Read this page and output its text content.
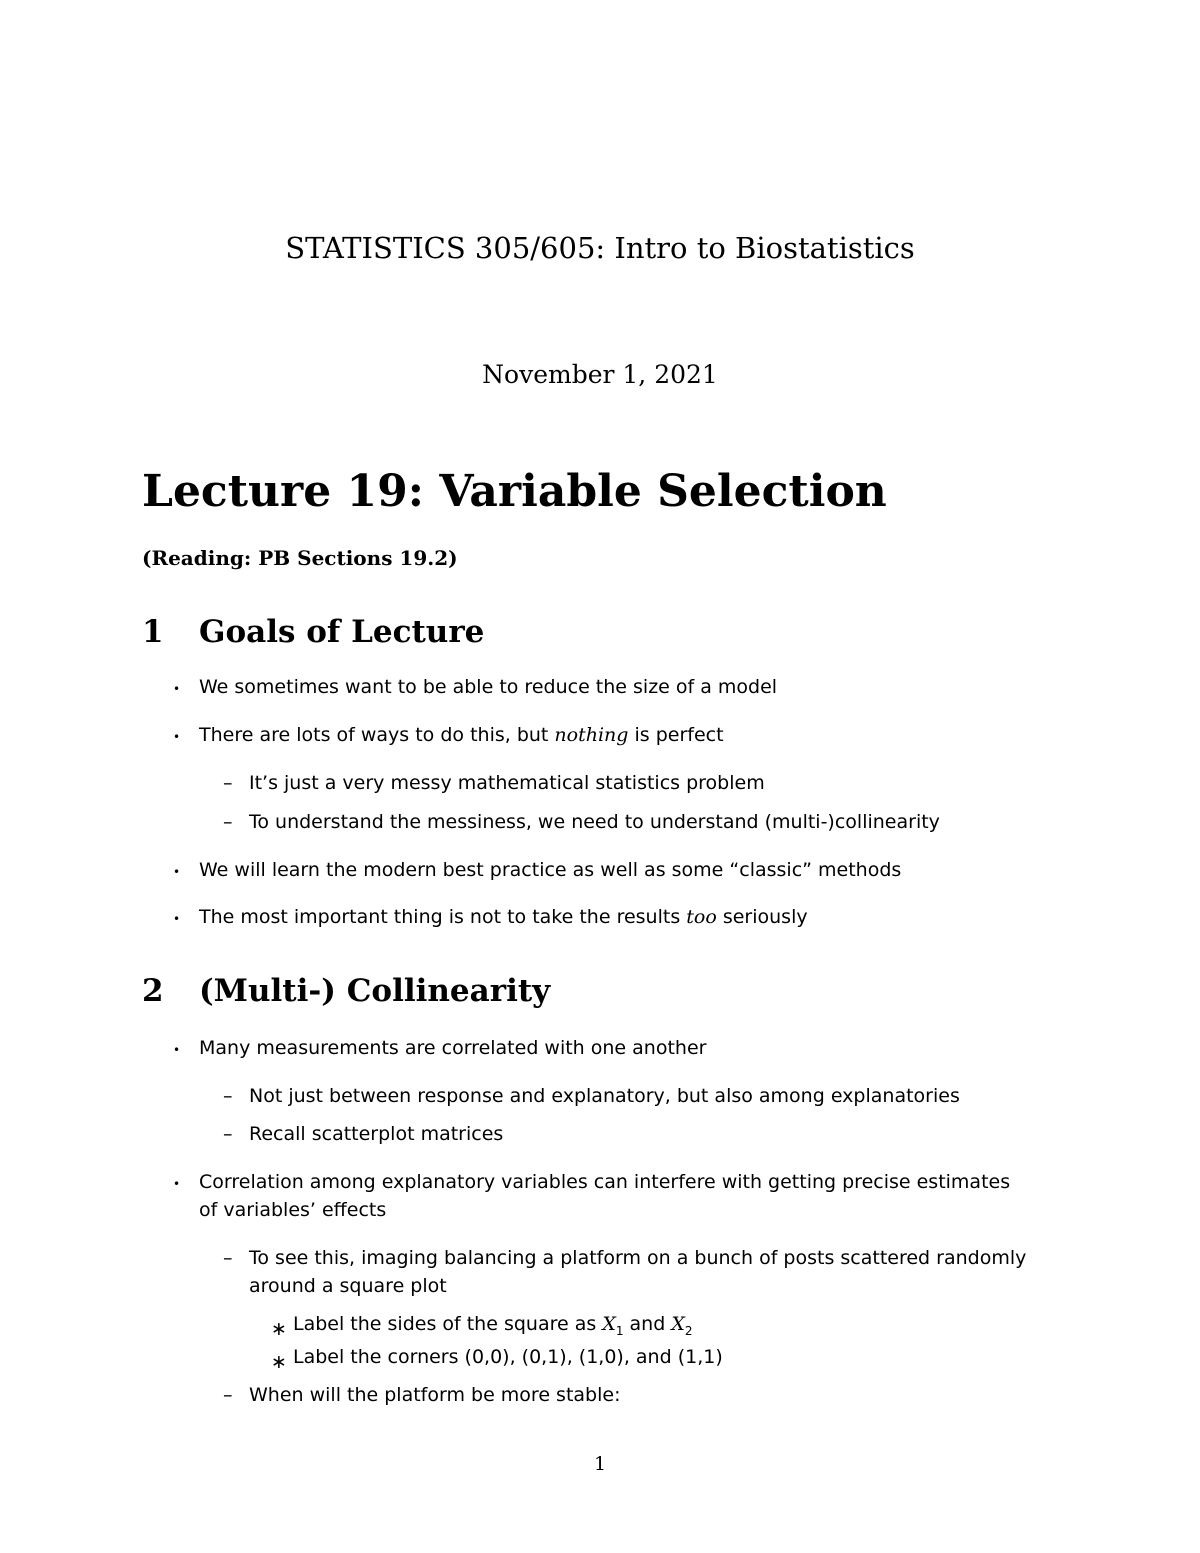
STATISTICS 305/605: Intro to Biostatistics
November 1, 2021
Lecture 19: Variable Selection
(Reading: PB Sections 19.2)
1 Goals of Lecture
• We sometimes want to be able to reduce the size of a model
• There are lots of ways to do this, but nothing is perfect
– It’s just a very messy mathematical statistics problem
– To understand the messiness, we need to understand (multi-)collinearity
• We will learn the modern best practice as well as some “classic” methods
• The most important thing is not to take the results too seriously
2 (Multi-) Collinearity
• Many measurements are correlated with one another
– Not just between response and explanatory, but also among explanatories
– Recall scatterplot matrices
• Correlation among explanatory variables can interfere with getting precise estimates
of variables’ effects
– To see this, imaging balancing a platform on a bunch of posts scattered randomly
around a square plot
∗ Label the sides of the square as $X_1$ and $X_2$
∗ Label the corners (0,0), (0,1), (1,0), and (1,1)
– When will the platform be more stable:
1
